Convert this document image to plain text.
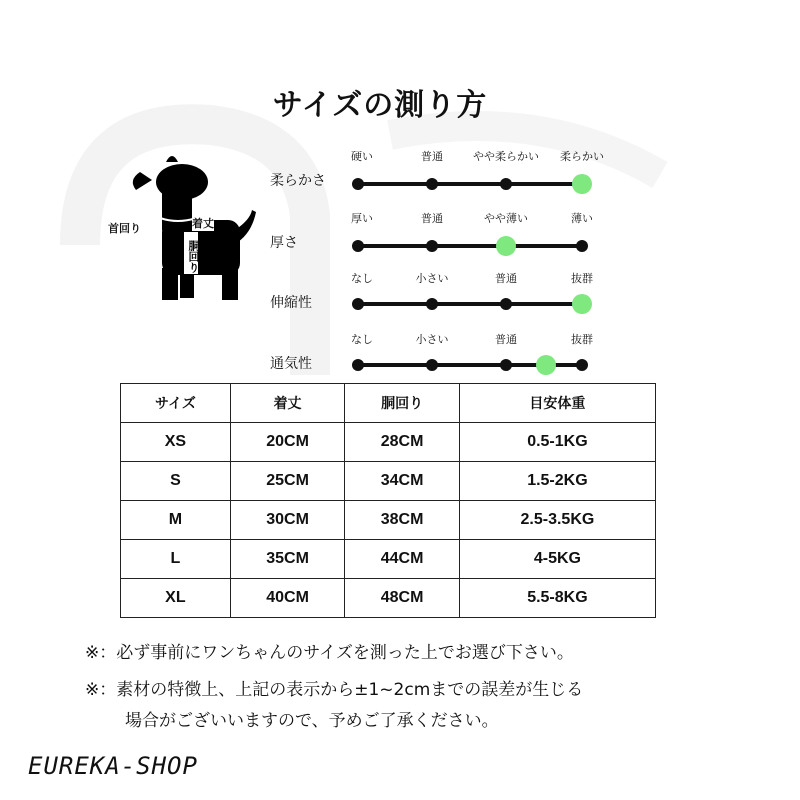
サイズの測り方
首回り	着丈
胴回り
柔らかさ
硬い	普通	やや柔らかい 柔らかい
厚さ
厚い	普通	やや薄い	薄い
伸縮性
なし	小さい	普通	抜群
通気性
なし	小さい	普通	抜群
サイズ	着丈	胴回り	目安体重
XS	20CM	28CM	0.5-1KG
S	25CM	34CM	1.5-2KG
M	30CM	38CM	2.5-3.5KG
L	35CM	44CM	4-5KG
XL	40CM	48CM	5.5-8KG
※：必ず事前にワンちゃんのサイズを測った上でお選び下さい。
※：素材の特徴上、上記の表示から±1~2cmまでの誤差が生じる
場合がございいますので、予めご了承ください。
EUREKA-SHOP
